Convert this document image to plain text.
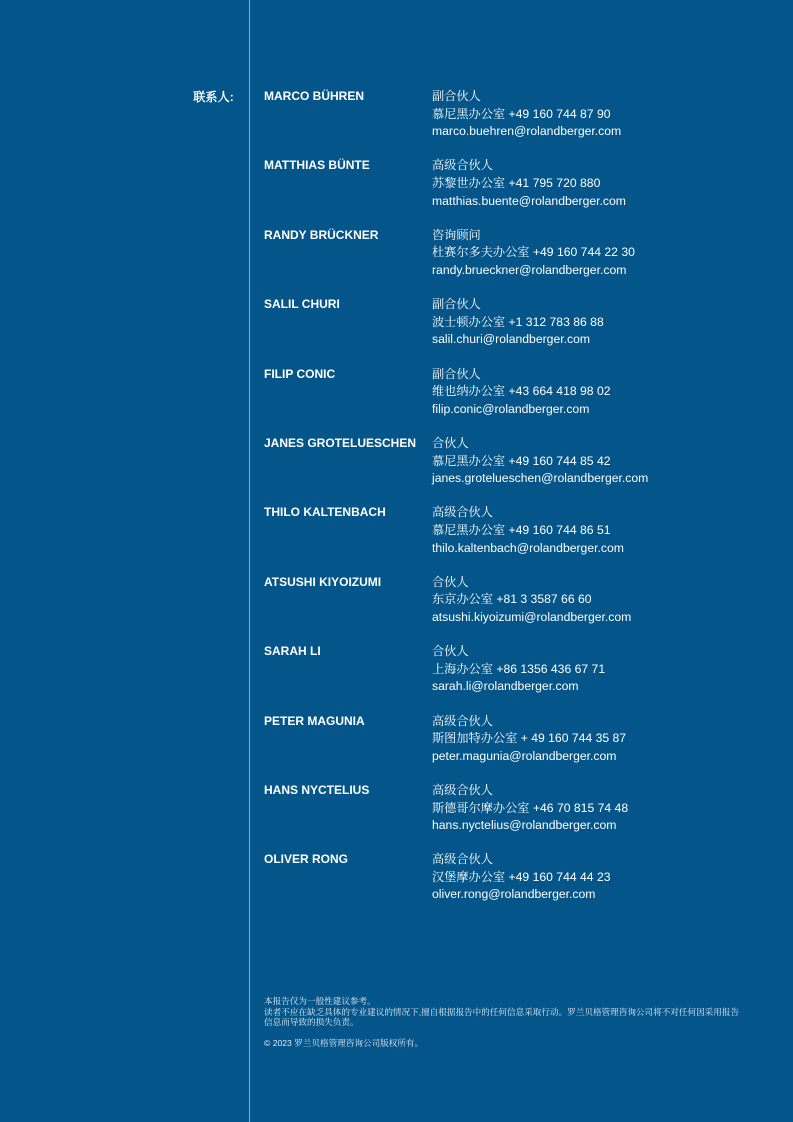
联系人:	MARCO BÜHREN	副合伙人
慕尼黑办公室 +49 160 744 87 90
marco.buehren@rolandberger.com
MATTHIAS BÜNTE	高级合伙人
苏黎世办公室 +41 795 720 880
matthias.buente@rolandberger.com
RANDY BRÜCKNER	咨询顾问
杜赛尔多夫办公室 +49 160 744 22 30
randy.brueckner@rolandberger.com
SALIL CHURI	副合伙人
波士顿办公室 +1 312 783 86 88
salil.churi@rolandberger.com
FILIP CONIC	副合伙人
维也纳办公室 +43 664 418 98 02
filip.conic@rolandberger.com
JANES GROTELUESCHEN 合伙人
慕尼黑办公室 +49 160 744 85 42
janes.grotelueschen@rolandberger.com
THILO KALTENBACH	高级合伙人
慕尼黑办公室 +49 160 744 86 51
thilo.kaltenbach@rolandberger.com
ATSUSHI KIYOIZUMI	合伙人
东京办公室 +81 3 3587 66 60
atsushi.kiyoizumi@rolandberger.com
SARAH LI	合伙人
上海办公室 +86 1356 436 67 71
sarah.li@rolandberger.com
PETER MAGUNIA	高级合伙人
斯图加特办公室 + 49 160 744 35 87
peter.magunia@rolandberger.com
HANS NYCTELIUS	高级合伙人
斯德哥尔摩办公室 +46 70 815 74 48
hans.nyctelius@rolandberger.com
OLIVER RONG	高级合伙人
汉堡摩办公室 +49 160 744 44 23
oliver.rong@rolandberger.com

本报告仅为一般性建议参考。

读者不应在缺乏具体的专业建议的情况下,擅自根据报告中的任何信息采取行动。罗兰贝格管理咨询公司将不对任何因采用报告信息而导致的损失负责。

© 2023 罗兰贝格管理咨询公司版权所有。
